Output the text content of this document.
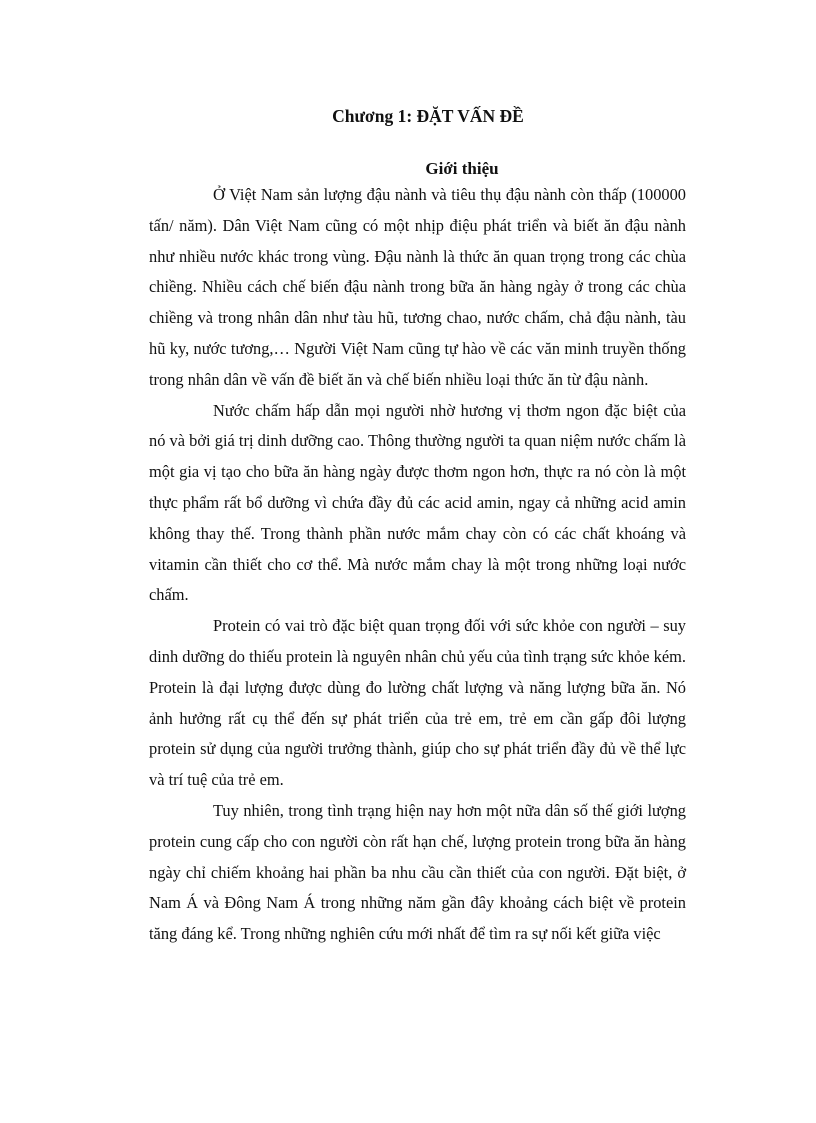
Chương 1: ĐẶT VẤN ĐỀ
Giới thiệu

Ở Việt Nam sản lượng đậu nành và tiêu thụ đậu nành còn thấp (100000 tấn/ năm). Dân Việt Nam cũng có một nhịp điệu phát triển và biết ăn đậu nành như nhiều nước khác trong vùng. Đậu nành là thức ăn quan trọng trong các chùa chiềng. Nhiều cách chế biến đậu nành trong bữa ăn hàng ngày ở trong các chùa chiềng và trong nhân dân như tàu hũ, tương chao, nước chấm, chả đậu nành, tàu hũ ky, nước tương,… Người Việt Nam cũng tự hào về các văn minh truyền thống trong nhân dân về vấn đề biết ăn và chế biến nhiều loại thức ăn từ đậu nành.

Nước chấm hấp dẫn mọi người nhờ hương vị thơm ngon đặc biệt của nó và bởi giá trị dinh dưỡng cao. Thông thường người ta quan niệm nước chấm là một gia vị tạo cho bữa ăn hàng ngày được thơm ngon hơn, thực ra nó còn là một thực phẩm rất bổ dưỡng vì chứa đầy đủ các acid amin, ngay cả những acid amin không thay thế. Trong thành phần nước mắm chay còn có các chất khoáng và vitamin cần thiết cho cơ thể. Mà nước mắm chay là một trong những loại nước chấm.

Protein có vai trò đặc biệt quan trọng đối với sức khỏe con người – suy dinh dưỡng do thiếu protein là nguyên nhân chủ yếu của tình trạng sức khỏe kém. Protein là đại lượng được dùng đo lường chất lượng và năng lượng bữa ăn. Nó ảnh hưởng rất cụ thể đến sự phát triển của trẻ em, trẻ em cần gấp đôi lượng protein sử dụng của người trưởng thành, giúp cho sự phát triển đầy đủ về thể lực và trí tuệ của trẻ em.

Tuy nhiên, trong tình trạng hiện nay hơn một nữa dân số thế giới lượng protein cung cấp cho con người còn rất hạn chế, lượng protein trong bữa ăn hàng ngày chỉ chiếm khoảng hai phần ba nhu cầu cần thiết của con người. Đặt biệt, ở Nam Á và Đông Nam Á trong những năm gần đây khoảng cách biệt về protein tăng đáng kể. Trong những nghiên cứu mới nhất để tìm ra sự nối kết giữa việc
